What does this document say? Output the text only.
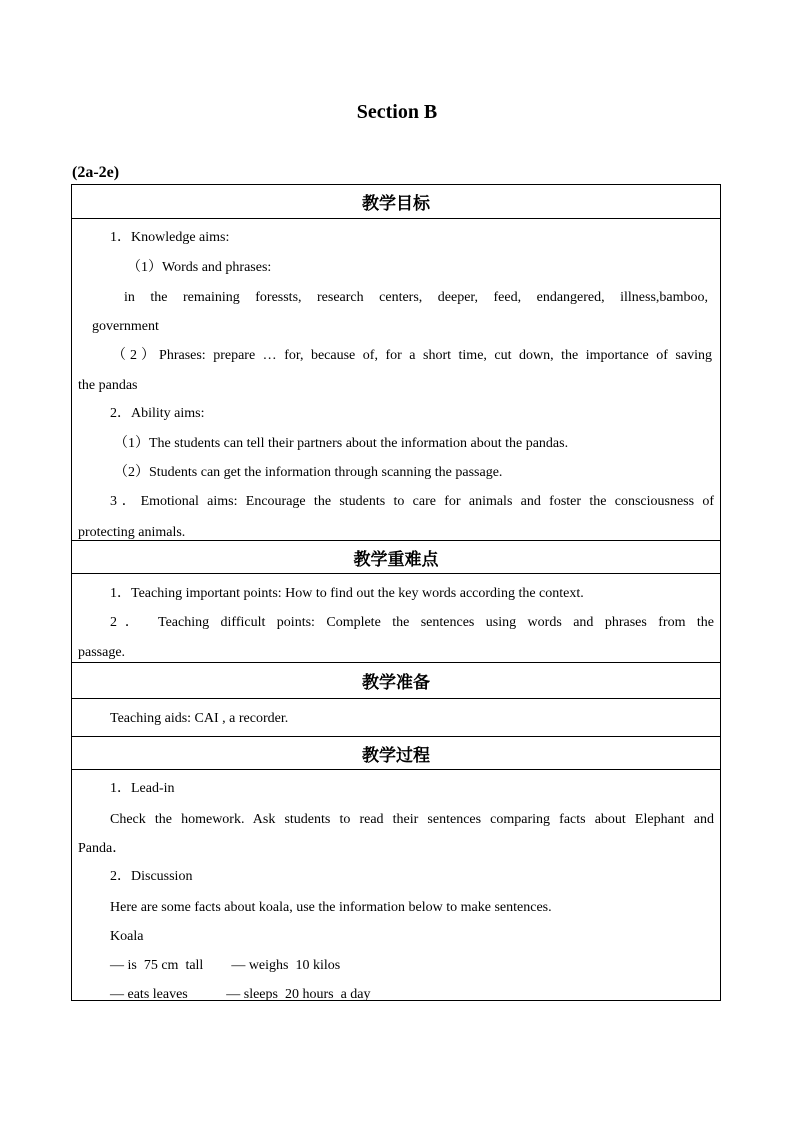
Section B
(2a-2e)
教学目标
1．Knowledge aims:
（1）Words and phrases:
in the remaining foressts, research centers, deeper, feed, endangered, illness,bamboo,
government
（2）Phrases: prepare … for, because of, for a short time, cut down, the importance of saving
the pandas
2．Ability aims:
（1）The students can tell their partners about the information about the pandas.
（2）Students can get the information through scanning the passage.
3．Emotional aims: Encourage the students to care for animals and foster the consciousness of
protecting animals.
教学重难点
1．Teaching important points: How to find out the key words according the context.
2． Teaching difficult points: Complete the sentences using words and phrases from the
passage.
教学准备
Teaching aids: CAI , a recorder.
教学过程
1．Lead-in
Check the homework. Ask students to read their sentences comparing facts about Elephant and
Panda．
2．Discussion
Here are some facts about koala, use the information below to make sentences.
Koala
— is  75 cm  tall        — weighs  10 kilos
— eats leaves           — sleeps  20 hours  a day
